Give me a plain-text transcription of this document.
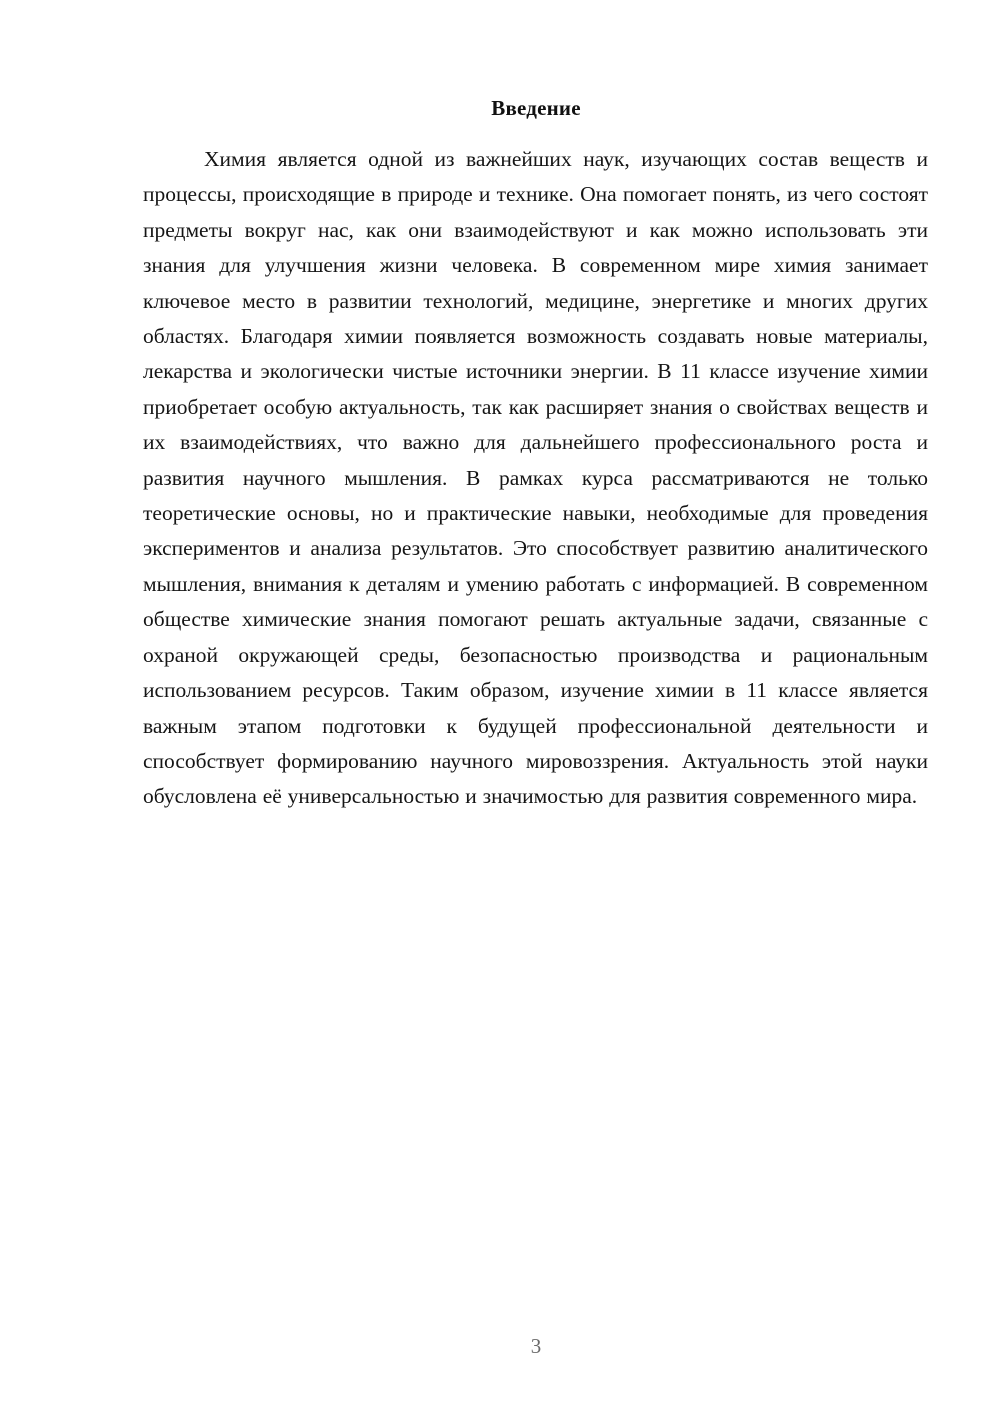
Введение

Химия является одной из важнейших наук, изучающих состав веществ и процессы, происходящие в природе и технике. Она помогает понять, из чего состоят предметы вокруг нас, как они взаимодействуют и как можно использовать эти знания для улучшения жизни человека. В современном мире химия занимает ключевое место в развитии технологий, медицине, энергетике и многих других областях. Благодаря химии появляется возможность создавать новые материалы, лекарства и экологически чистые источники энергии. В 11 классе изучение химии приобретает особую актуальность, так как расширяет знания о свойствах веществ и их взаимодействиях, что важно для дальнейшего профессионального роста и развития научного мышления. В рамках курса рассматриваются не только теоретические основы, но и практические навыки, необходимые для проведения экспериментов и анализа результатов. Это способствует развитию аналитического мышления, внимания к деталям и умению работать с информацией. В современном обществе химические знания помогают решать актуальные задачи, связанные с охраной окружающей среды, безопасностью производства и рациональным использованием ресурсов. Таким образом, изучение химии в 11 классе является важным этапом подготовки к будущей профессиональной деятельности и способствует формированию научного мировоззрения. Актуальность этой науки обусловлена её универсальностью и значимостью для развития современного мира.

3
